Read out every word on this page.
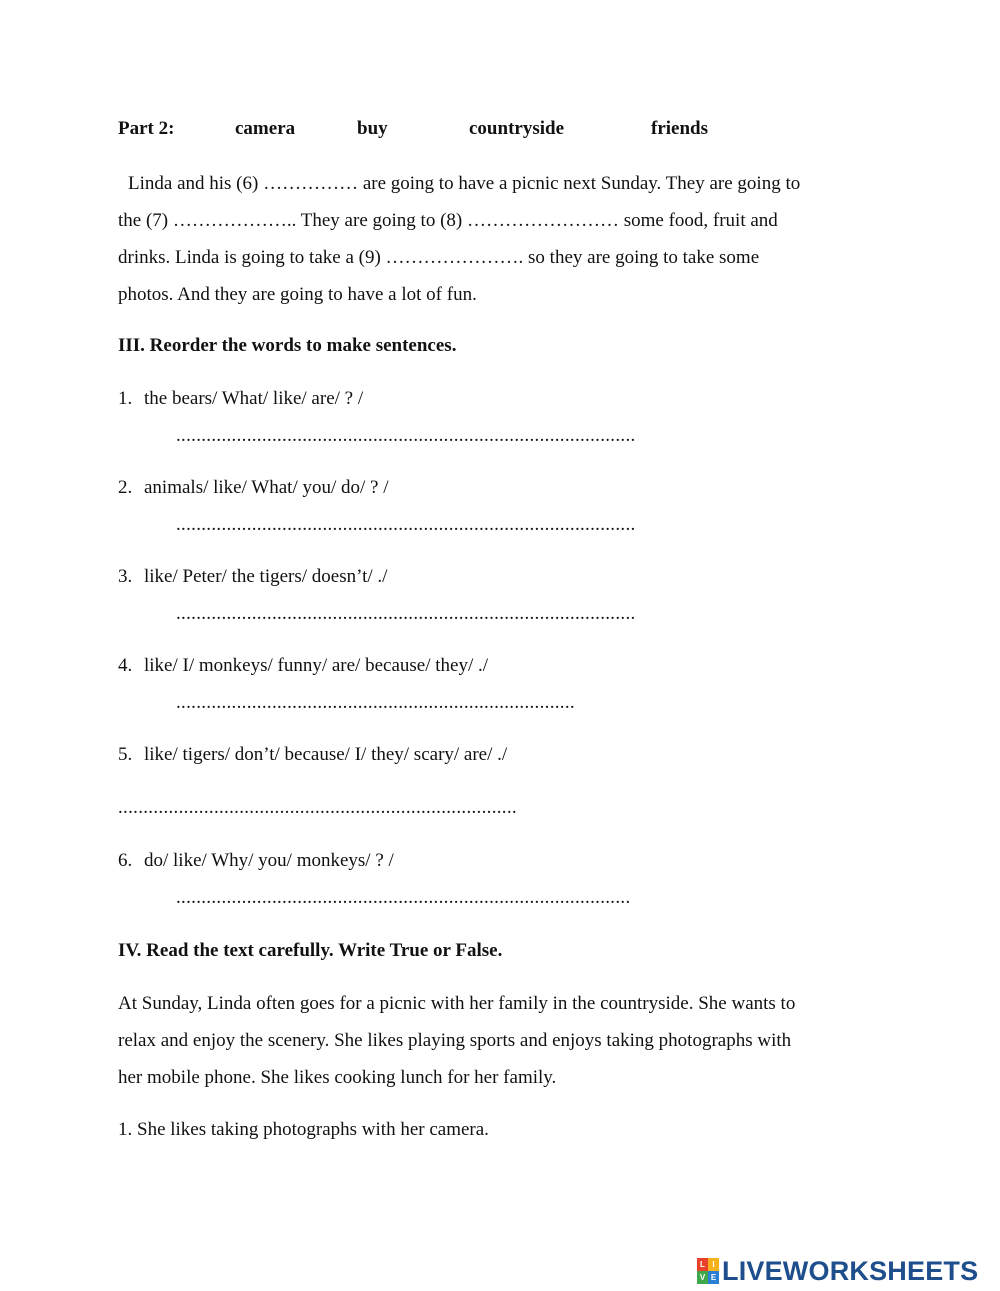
Part 2:	camera	buy	countryside	friends
Linda and his (6) …………… are going to have a picnic next Sunday. They are going to
the (7) ……………….. They are going to (8) …………………… some food, fruit and
drinks. Linda is going to take a (9) …………………. so they are going to take some
photos. And they are going to have a lot of fun.
III. Reorder the words to make sentences.
1. the bears/ What/ like/ are/ ? /
...........................................................................................
2. animals/ like/ What/ you/ do/ ? /
...........................................................................................
3. like/ Peter/ the tigers/ doesn’t/ ./
...........................................................................................
4. like/ I/ monkeys/ funny/ are/ because/ they/ ./
...............................................................................
5. like/ tigers/ don’t/ because/ I/ they/ scary/ are/ ./
...............................................................................
6. do/ like/ Why/ you/ monkeys/ ? /
..........................................................................................
IV. Read the text carefully. Write True or False.
At Sunday, Linda often goes for a picnic with her family in the countryside. She wants to
relax and enjoy the scenery. She likes playing sports and enjoys taking photographs with
her mobile phone. She likes cooking lunch for her family.
1. She likes taking photographs with her camera.
L I
V E LIVEWORKSHEETS
